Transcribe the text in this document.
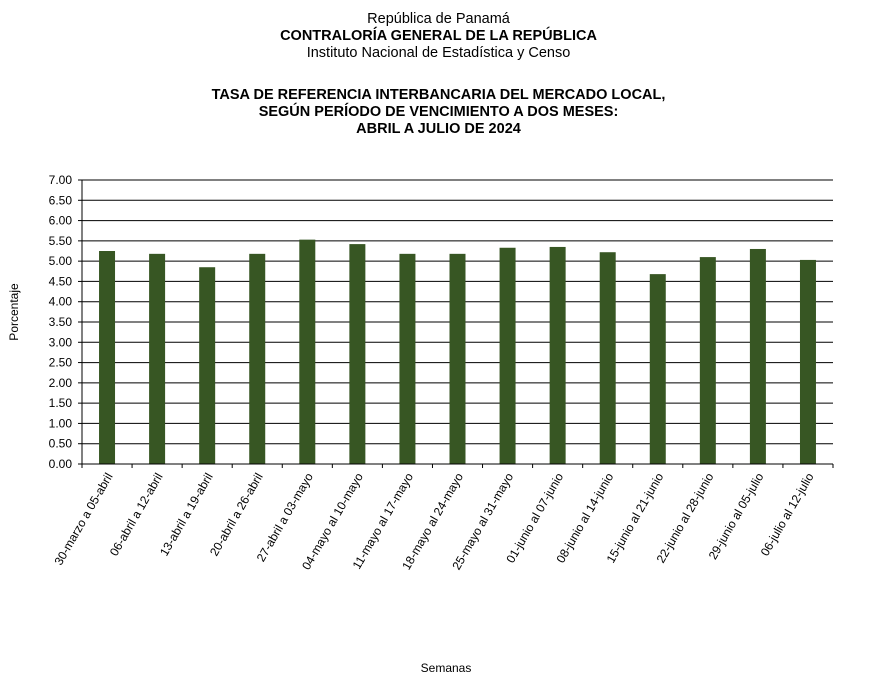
República de Panamá
CONTRALORÍA GENERAL DE LA REPÚBLICA
Instituto Nacional de Estadística y Censo
TASA DE REFERENCIA INTERBANCARIA DEL MERCADO LOCAL,
SEGÚN PERÍODO DE VENCIMIENTO A DOS MESES:
ABRIL A JULIO DE 2024
0.00
0.50
1.00
1.50
2.00
2.50
3.00
3.50
4.00
4.50
5.00
5.50
6.00
6.50
7.00
30-marzo a 05-abril
06-abril a 12-abril
13-abril a 19-abril
20-abril a 26-abril
27-abril a 03-mayo
04-mayo al 10-mayo
11-mayo al 17-mayo
18-mayo al 24-mayo
25-mayo al 31-mayo
01-junio al 07-junio
08-junio al 14-junio
15-junio al 21-junio
22-junio al 28-junio
29-junio al 05-julio
06-julio al 12-julio
Porcentaje
Semanas
